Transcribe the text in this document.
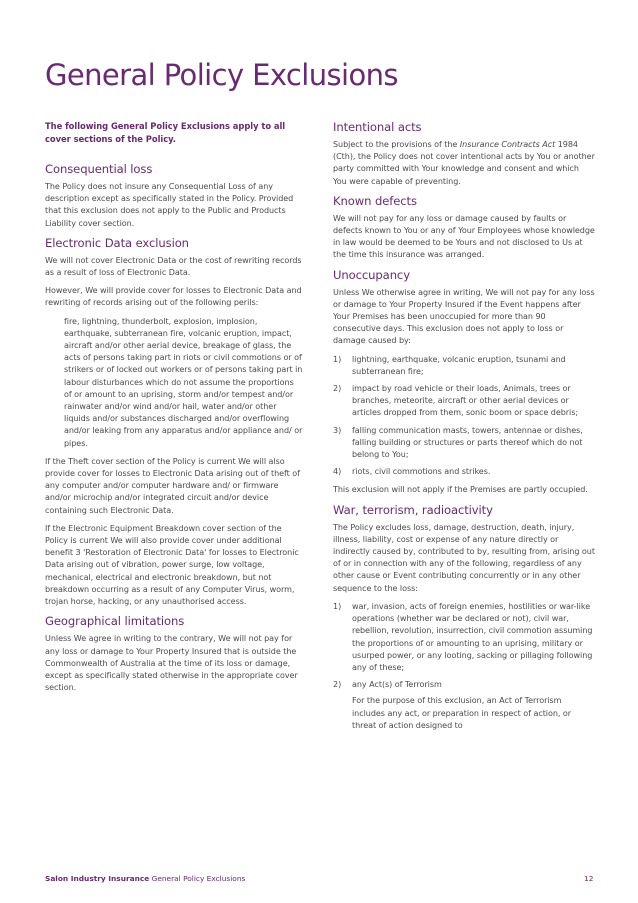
General Policy Exclusions

The following General Policy Exclusions apply to all cover sections of the Policy.

Consequential loss

The Policy does not insure any Consequential Loss of any description except as specifically stated in the Policy. Provided that this exclusion does not apply to the Public and Products Liability cover section.

Electronic Data exclusion

We will not cover Electronic Data or the cost of rewriting records as a result of loss of Electronic Data.

However, We will provide cover for losses to Electronic Data and rewriting of records arising out of the following perils:

fire, lightning, thunderbolt, explosion, implosion, earthquake, subterranean fire, volcanic eruption, impact, aircraft and/or other aerial device, breakage of glass, the acts of persons taking part in riots or civil commotions or of strikers or of locked out workers or of persons taking part in labour disturbances which do not assume the proportions of or amount to an uprising, storm and/or tempest and/or rainwater and/or wind and/or hail, water and/or other liquids and/or substances discharged and/or overflowing and/or leaking from any apparatus and/or appliance and/ or pipes.

If the Theft cover section of the Policy is current We will also provide cover for losses to Electronic Data arising out of theft of any computer and/or computer hardware and/ or firmware and/or microchip and/or integrated circuit and/or device containing such Electronic Data.

If the Electronic Equipment Breakdown cover section of the Policy is current We will also provide cover under additional benefit 3 'Restoration of Electronic Data' for losses to Electronic Data arising out of vibration, power surge, low voltage, mechanical, electrical and electronic breakdown, but not breakdown occurring as a result of any Computer Virus, worm, trojan horse, hacking, or any unauthorised access.

Geographical limitations

Unless We agree in writing to the contrary, We will not pay for any loss or damage to Your Property Insured that is outside the Commonwealth of Australia at the time of its loss or damage, except as specifically stated otherwise in the appropriate cover section.

Intentional acts

Subject to the provisions of the Insurance Contracts Act 1984 (Cth), the Policy does not cover intentional acts by You or another party committed with Your knowledge and consent and which You were capable of preventing.

Known defects

We will not pay for any loss or damage caused by faults or defects known to You or any of Your Employees whose knowledge in law would be deemed to be Yours and not disclosed to Us at the time this insurance was arranged.

Unoccupancy

Unless We otherwise agree in writing, We will not pay for any loss or damage to Your Property Insured if the Event happens after Your Premises has been unoccupied for more than 90 consecutive days. This exclusion does not apply to loss or damage caused by:

1) lightning, earthquake, volcanic eruption, tsunami and subterranean fire;
2) impact by road vehicle or their loads, Animals, trees or branches, meteorite, aircraft or other aerial devices or articles dropped from them, sonic boom or space debris;
3) falling communication masts, towers, antennae or dishes, falling building or structures or parts thereof which do not belong to You;
4) riots, civil commotions and strikes.

This exclusion will not apply if the Premises are partly occupied.

War, terrorism, radioactivity

The Policy excludes loss, damage, destruction, death, injury, illness, liability, cost or expense of any nature directly or indirectly caused by, contributed to by, resulting from, arising out of or in connection with any of the following, regardless of any other cause or Event contributing concurrently or in any other sequence to the loss:

1) war, invasion, acts of foreign enemies, hostilities or war-like operations (whether war be declared or not), civil war, rebellion, revolution, insurrection, civil commotion assuming the proportions of or amounting to an uprising, military or usurped power, or any looting, sacking or pillaging following any of these;
2) any Act(s) of Terrorism

For the purpose of this exclusion, an Act of Terrorism includes any act, or preparation in respect of action, or threat of action designed to

Salon Industry Insurance General Policy Exclusions	12
